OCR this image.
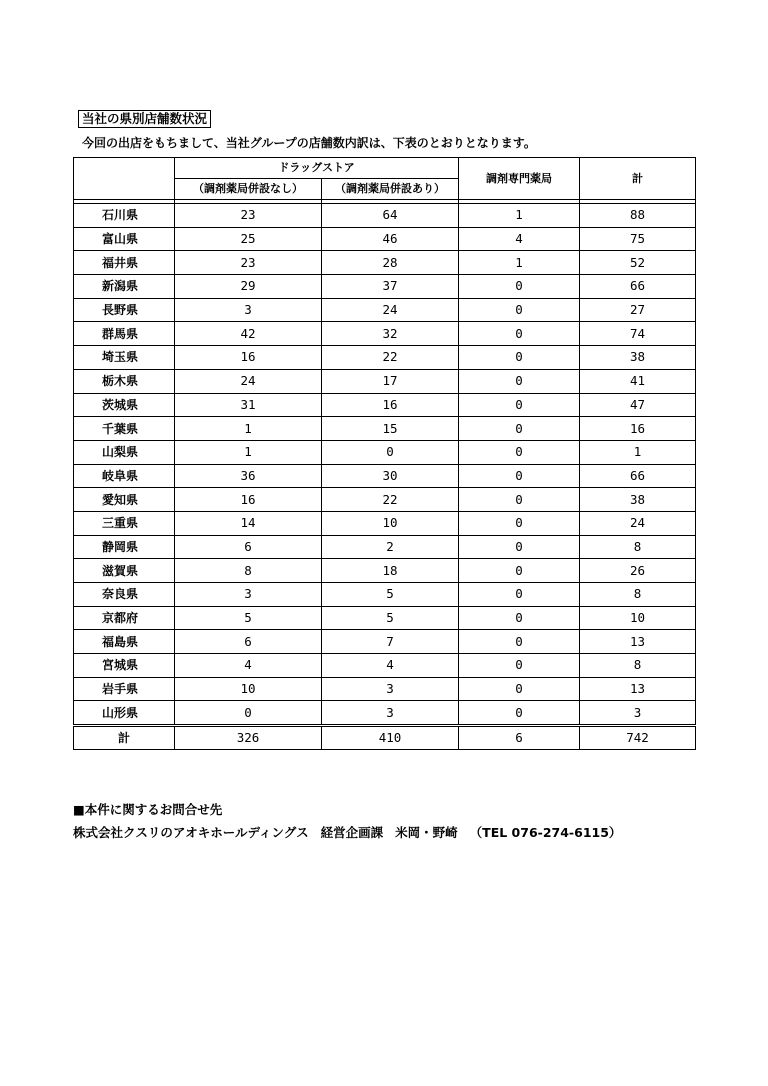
当社の県別店舗数状況
今回の出店をもちまして、当社グループの店舗数内訳は、下表のとおりとなります。
	ドラッグストア		調剤専門薬局	計
	（調剤薬局併設なし）	（調剤薬局併設あり）		

石川県	23	64	1	88
富山県	25	46	4	75
福井県	23	28	1	52
新潟県	29	37	0	66
長野県	3	24	0	27
群馬県	42	32	0	74
埼玉県	16	22	0	38
栃木県	24	17	0	41
茨城県	31	16	0	47
千葉県	1	15	0	16
山梨県	1	0	0	1
岐阜県	36	30	0	66
愛知県	16	22	0	38
三重県	14	10	0	24
静岡県	6	2	0	8
滋賀県	8	18	0	26
奈良県	3	5	0	8
京都府	5	5	0	10
福島県	6	7	0	13
宮城県	4	4	0	8
岩手県	10	3	0	13
山形県	0	3	0	3
計	326	410	6	742
■本件に関するお問合せ先
株式会社クスリのアオキホールディングス 経営企画課 米岡・野崎 （TEL 076-274-6115）
